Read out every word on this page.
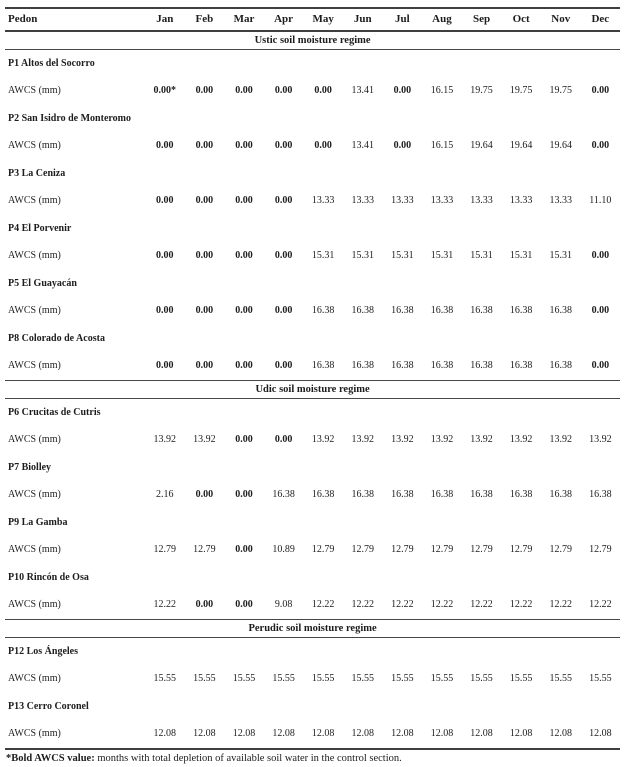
Pedon	Jan	Feb	Mar	Apr	May	Jun	Jul	Aug	Sep	Oct	Nov	Dec
Ustic soil moisture regime												
P1 Altos del Socorro												
AWCS (mm)	0.00*	0.00	0.00	0.00	0.00	13.41	0.00	16.15	19.75	19.75	19.75	0.00
P2 San Isidro de Monteromo												
AWCS (mm)	0.00	0.00	0.00	0.00	0.00	13.41	0.00	16.15	19.64	19.64	19.64	0.00
P3 La Ceniza												
AWCS (mm)	0.00	0.00	0.00	0.00	13.33	13.33	13.33	13.33	13.33	13.33	13.33	11.10
P4 El Porvenir												
AWCS (mm)	0.00	0.00	0.00	0.00	15.31	15.31	15.31	15.31	15.31	15.31	15.31	0.00
P5 El Guayacán												
AWCS (mm)	0.00	0.00	0.00	0.00	16.38	16.38	16.38	16.38	16.38	16.38	16.38	0.00
P8 Colorado de Acosta												
AWCS (mm)	0.00	0.00	0.00	0.00	16.38	16.38	16.38	16.38	16.38	16.38	16.38	0.00
Udic soil moisture regime												
P6 Crucitas de Cutris												
AWCS (mm)	13.92	13.92	0.00	0.00	13.92	13.92	13.92	13.92	13.92	13.92	13.92	13.92
P7 Biolley												
AWCS (mm)	2.16	0.00	0.00	16.38	16.38	16.38	16.38	16.38	16.38	16.38	16.38	16.38
P9 La Gamba												
AWCS (mm)	12.79	12.79	0.00	10.89	12.79	12.79	12.79	12.79	12.79	12.79	12.79	12.79
P10 Rincón de Osa												
AWCS (mm)	12.22	0.00	0.00	9.08	12.22	12.22	12.22	12.22	12.22	12.22	12.22	12.22
Perudic soil moisture regime												
P12 Los Ángeles												
AWCS (mm)	15.55	15.55	15.55	15.55	15.55	15.55	15.55	15.55	15.55	15.55	15.55	15.55
P13 Cerro Coronel												
AWCS (mm)	12.08	12.08	12.08	12.08	12.08	12.08	12.08	12.08	12.08	12.08	12.08	12.08
*Bold AWCS value: months with total depletion of available soil water in the control section.
